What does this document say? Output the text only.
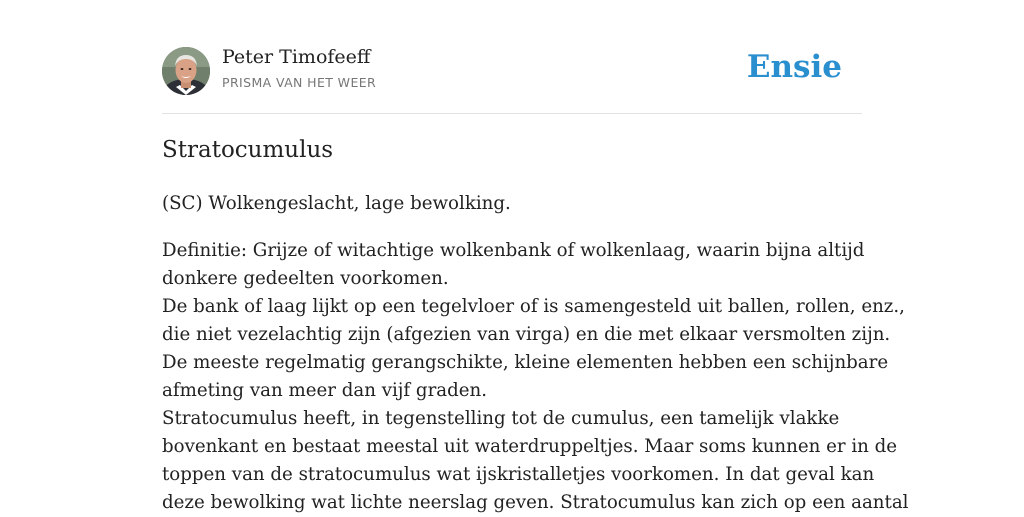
Peter Timofeeff
PRISMA VAN HET WEER	Ensie
Stratocumulus

(SC) Wolkengeslacht, lage bewolking.

Definitie: Grijze of witachtige wolkenbank of wolkenlaag, waarin bijna altijd
donkere gedeelten voorkomen.
De bank of laag lijkt op een tegelvloer of is samengesteld uit ballen, rollen, enz.,
die niet vezelachtig zijn (afgezien van virga) en die met elkaar versmolten zijn.
De meeste regelmatig gerangschikte, kleine elementen hebben een schijnbare
afmeting van meer dan vijf graden.
Stratocumulus heeft, in tegenstelling tot de cumulus, een tamelijk vlakke
bovenkant en bestaat meestal uit waterdruppeltjes. Maar soms kunnen er in de
toppen van de stratocumulus wat ijskristalletjes voorkomen. In dat geval kan
deze bewolking wat lichte neerslag geven. Stratocumulus kan zich op een aantal
